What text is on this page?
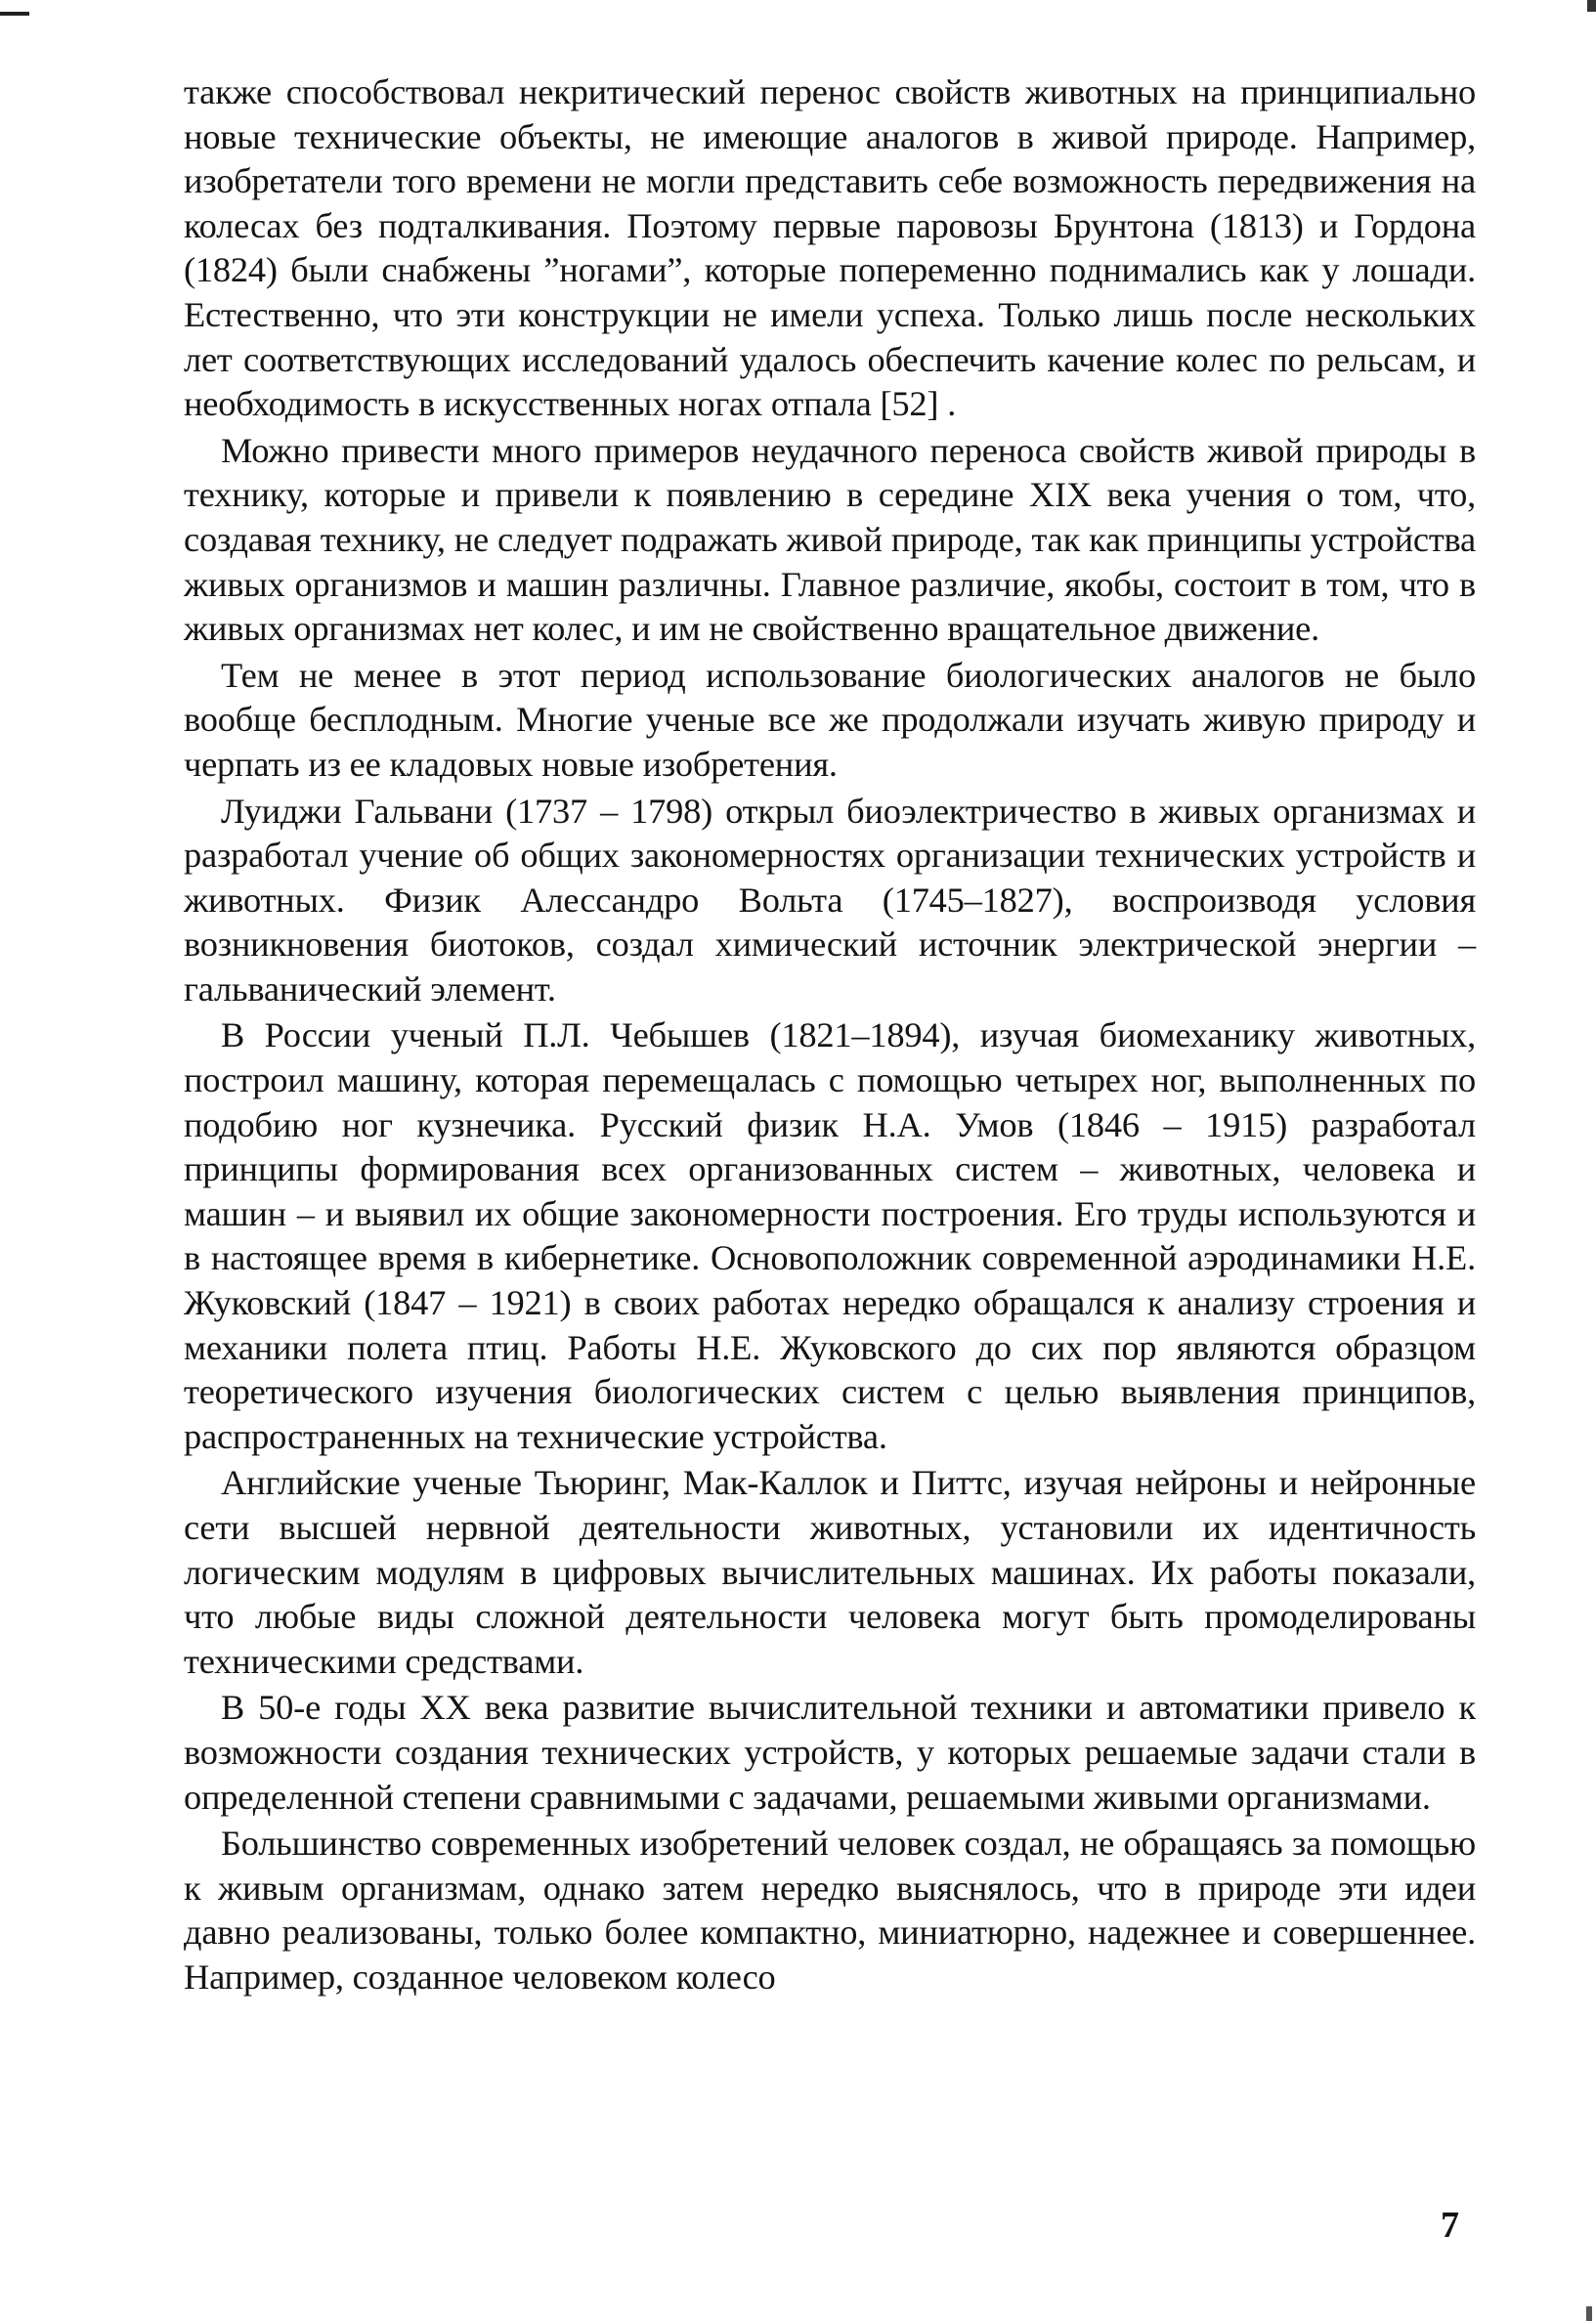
также способствовал некритический перенос свойств животных на принципиально новые технические объекты, не имеющие аналогов в живой природе. Например, изобретатели того времени не могли представить себе возможность передвижения на колесах без подталкивания. Поэтому первые паровозы Брунтона (1813) и Гордона (1824) были снабжены ”ногами”, которые попеременно поднимались как у лошади. Естественно, что эти конструкции не имели успеха. Только лишь после нескольких лет соответствующих исследований удалось обеспечить качение колес по рельсам, и необходимость в искусственных ногах отпала [52] .

Можно привести много примеров неудачного переноса свойств живой природы в технику, которые и привели к появлению в середине XIX века учения о том, что, создавая технику, не следует подражать живой природе, так как принципы устройства живых организмов и машин различны. Главное различие, якобы, состоит в том, что в живых организмах нет колес, и им не свойственно вращательное движение.

Тем не менее в этот период использование биологических аналогов не было вообще бесплодным. Многие ученые все же продолжали изучать живую природу и черпать из ее кладовых новые изобретения.

Луиджи Гальвани (1737 – 1798) открыл биоэлектричество в живых организмах и разработал учение об общих закономерностях организации технических устройств и животных. Физик Алессандро Вольта (1745–1827), воспроизводя условия возникновения биотоков, создал химический источник электрической энергии – гальванический элемент.

В России ученый П.Л. Чебышев (1821–1894), изучая биомеханику животных, построил машину, которая перемещалась с помощью четырех ног, выполненных по подобию ног кузнечика. Русский физик Н.А. Умов (1846 – 1915) разработал принципы формирования всех организованных систем – животных, человека и машин – и выявил их общие закономерности построения. Его труды используются и в настоящее время в кибернетике. Основоположник современной аэродинамики Н.Е. Жуковский (1847 – 1921) в своих работах нередко обращался к анализу строения и механики полета птиц. Работы Н.Е. Жуковского до сих пор являются образцом теоретического изучения биологических систем с целью выявления принципов, распространенных на технические устройства.

Английские ученые Тьюринг, Мак-Каллок и Питтс, изучая нейроны и нейронные сети высшей нервной деятельности животных, установили их идентичность логическим модулям в цифровых вычислительных машинах. Их работы показали, что любые виды сложной деятельности человека могут быть промоделированы техническими средствами.

В 50-е годы XX века развитие вычислительной техники и автоматики привело к возможности создания технических устройств, у которых решаемые задачи стали в определенной степени сравнимыми с задачами, решаемыми живыми организмами.

Большинство современных изобретений человек создал, не обращаясь за помощью к живым организмам, однако затем нередко выяснялось, что в природе эти идеи давно реализованы, только более компактно, миниатюрно, надежнее и совершеннее. Например, созданное человеком колесо

7
